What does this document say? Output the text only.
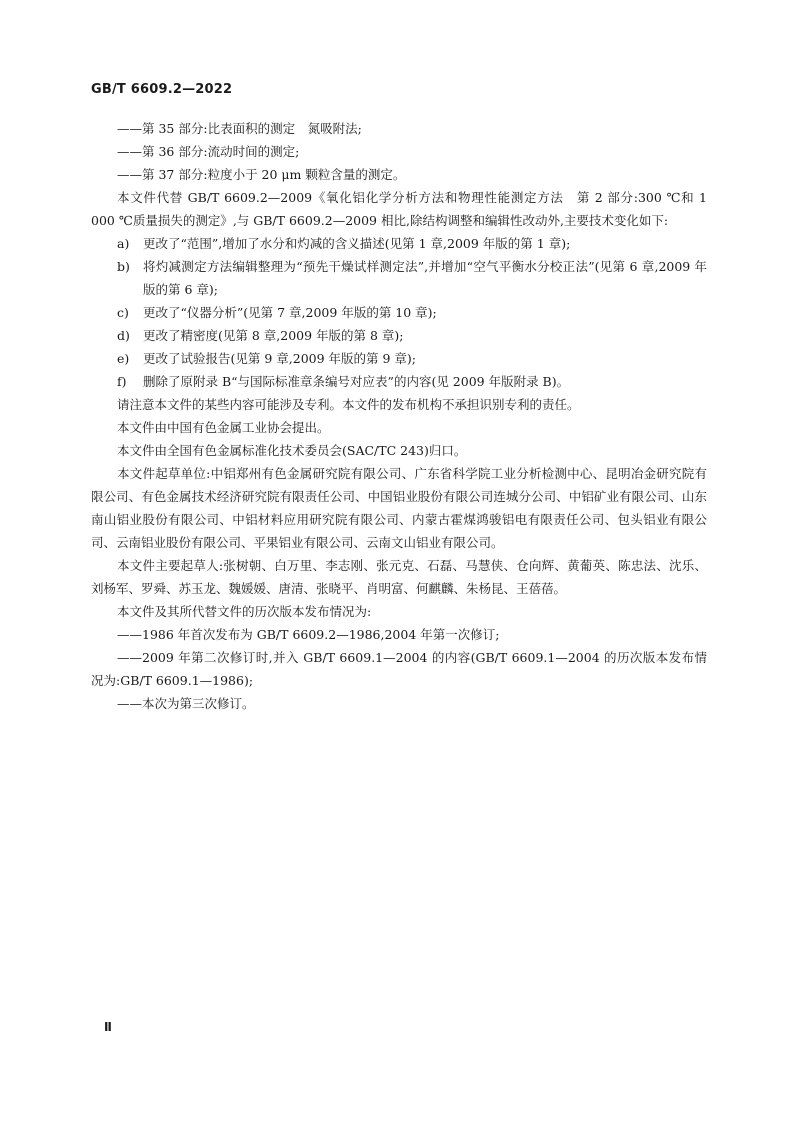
GB/T 6609.2—2022
——第 35 部分:比表面积的测定　氮吸附法;
——第 36 部分:流动时间的测定;
——第 37 部分:粒度小于 20 μm 颗粒含量的测定。
本文件代替 GB/T 6609.2—2009《氧化铝化学分析方法和物理性能测定方法　第 2 部分:300 ℃和 1 000 ℃质量损失的测定》,与 GB/T 6609.2—2009 相比,除结构调整和编辑性改动外,主要技术变化如下:
a)	更改了“范围”,增加了水分和灼减的含义描述(见第 1 章,2009 年版的第 1 章);
b)	将灼减测定方法编辑整理为“预先干燥试样测定法”,并增加“空气平衡水分校正法”(见第 6 章,2009 年版的第 6 章);
c)	更改了“仪器分析”(见第 7 章,2009 年版的第 10 章);
d)	更改了精密度(见第 8 章,2009 年版的第 8 章);
e)	更改了试验报告(见第 9 章,2009 年版的第 9 章);
f)	删除了原附录 B“与国际标准章条编号对应表”的内容(见 2009 年版附录 B)。
请注意本文件的某些内容可能涉及专利。本文件的发布机构不承担识别专利的责任。
本文件由中国有色金属工业协会提出。
本文件由全国有色金属标准化技术委员会(SAC/TC 243)归口。
本文件起草单位:中铝郑州有色金属研究院有限公司、广东省科学院工业分析检测中心、昆明冶金研究院有限公司、有色金属技术经济研究院有限责任公司、中国铝业股份有限公司连城分公司、中铝矿业有限公司、山东南山铝业股份有限公司、中铝材料应用研究院有限公司、内蒙古霍煤鸿骏铝电有限责任公司、包头铝业有限公司、云南铝业股份有限公司、平果铝业有限公司、云南文山铝业有限公司。
本文件主要起草人:张树朝、白万里、李志刚、张元克、石磊、马慧侠、仓向辉、黄葡英、陈忠法、沈乐、刘杨军、罗舜、苏玉龙、魏媛媛、唐清、张晓平、肖明富、何麒麟、朱杨昆、王蓓蓓。
本文件及其所代替文件的历次版本发布情况为:
——1986 年首次发布为 GB/T 6609.2—1986,2004 年第一次修订;
——2009 年第二次修订时,并入 GB/T 6609.1—2004 的内容(GB/T 6609.1—2004 的历次版本发布情况为:GB/T 6609.1—1986);
——本次为第三次修订。
Ⅱ
